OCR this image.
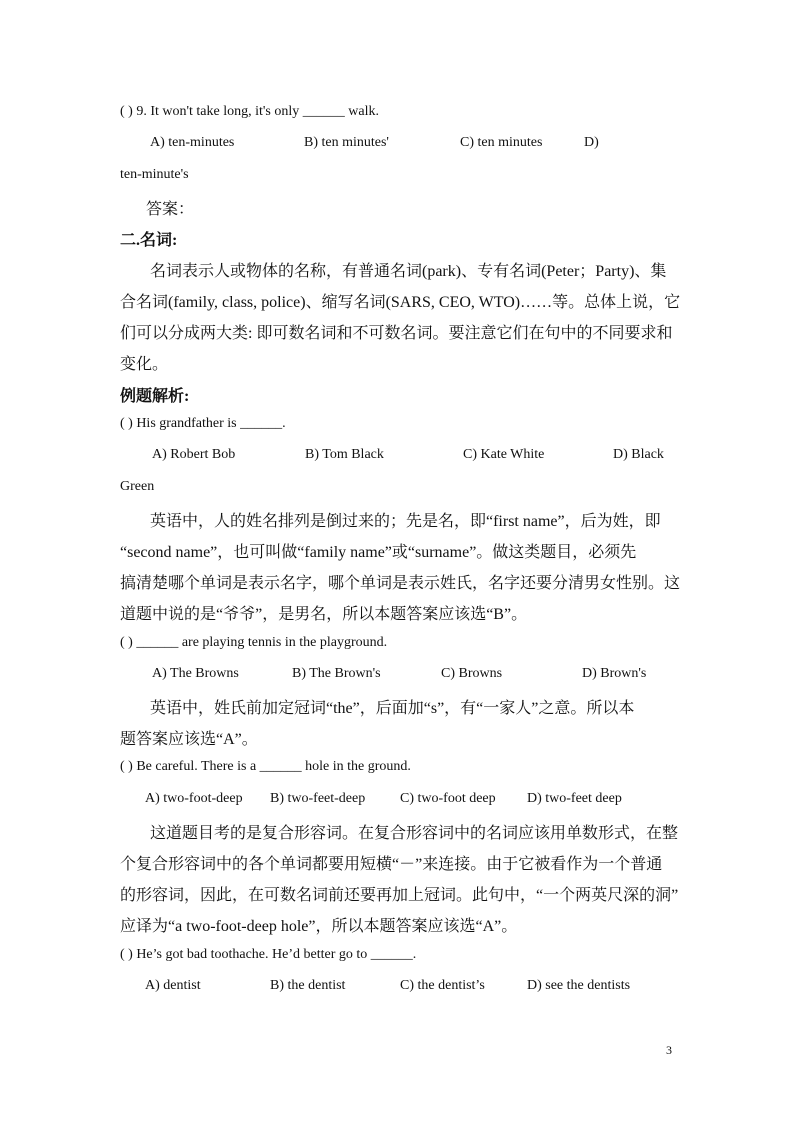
( ) 9. It won't take long, it's only ______ walk.
A) ten-minutes	B) ten minutes'	C) ten minutes	D)
ten-minute's
答案：
二.名词:
名词表示人或物体的名称，有普通名词(park)、专有名词(Peter；Party)、集
合名词(family, class, police)、缩写名词(SARS, CEO, WTO)……等。总体上说，它
们可以分成两大类: 即可数名词和不可数名词。要注意它们在句中的不同要求和
变化。
例题解析:
( ) His grandfather is ______.
A) Robert Bob	B) Tom Black	C) Kate White	D) Black
Green
英语中，人的姓名排列是倒过来的；先是名，即“first name”，后为姓，即
“second name”，也可叫做“family name”或“surname”。做这类题目，必须先
搞清楚哪个单词是表示名字，哪个单词是表示姓氏，名字还要分清男女性别。这
道题中说的是“爷爷”，是男名，所以本题答案应该选“B”。
( ) ______ are playing tennis in the playground.
A) The Browns	B) The Brown's	C) Browns	D) Brown's
英语中，姓氏前加定冠词“the”，后面加“s”，有“一家人”之意。所以本
题答案应该选“A”。
( ) Be careful. There is a ______ hole in the ground.
A) two-foot-deep B) two-feet-deep C) two-foot deep D) two-feet deep
这道题目考的是复合形容词。在复合形容词中的名词应该用单数形式，在整
个复合形容词中的各个单词都要用短横“－”来连接。由于它被看作为一个普通
的形容词，因此，在可数名词前还要再加上冠词。此句中，“一个两英尺深的洞”
应译为“a two-foot-deep hole”，所以本题答案应该选“A”。
( ) He’s got bad toothache. He’d better go to ______.
A) dentist	B) the dentist	C) the dentist’s	D) see the dentists
3
